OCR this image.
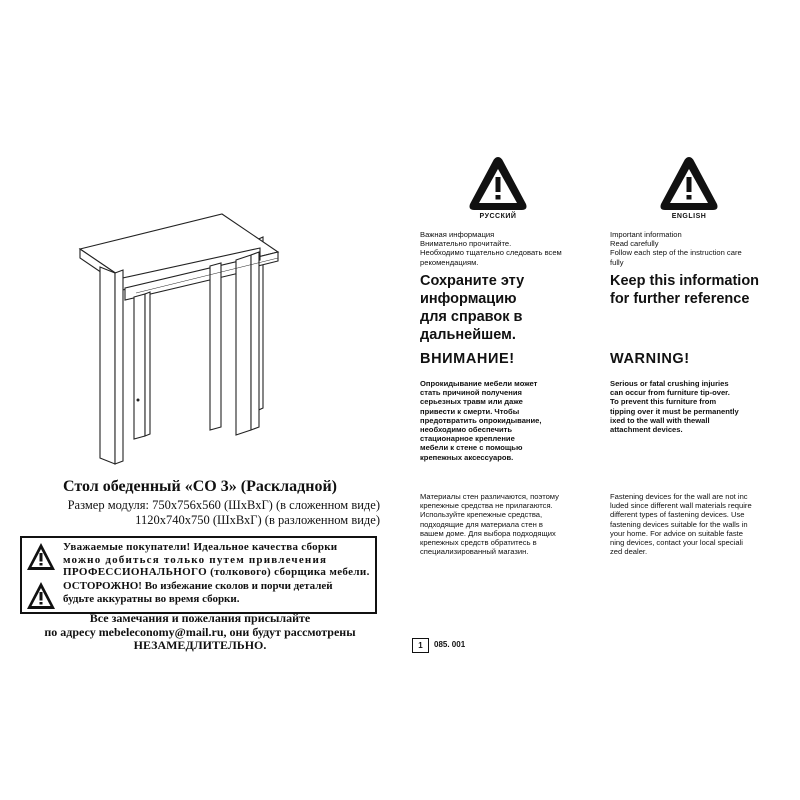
Стол обеденный «СО 3» (Раскладной)
Размер модуля: 750х756х560 (ШхВхГ) (в сложенном виде)
1120х740х750 (ШхВхГ) (в разложенном виде)
Уважаемые покупатели! Идеальное качества сборки
можно добиться только путем привлечения
ПРОФЕССИОНАЛЬНОГО (толкового) сборщика мебели.
ОСТОРОЖНО! Во избежание сколов и порчи деталей
будьте аккуратны во время сборки.
Все замечания и пожелания присылайте
по адресу mebeleconomy@mail.ru, они будут рассмотрены
НЕЗАМЕДЛИТЕЛЬНО.
РУССКИЙ	ENGLISH
Важная информация
Внимательно прочитайте.
Необходимо тщательно следовать всем
рекомендациям.
Сохраните эту
информацию
для справок в
дальнейшем.
ВНИМАНИЕ!
Опрокидывание мебели может
стать причиной получения
серьезных травм или даже
привести к смерти. Чтобы
предотвратить опрокидывание,
необходимо обеспечить
стационарное крепление
мебели к стене с помощью
крепежных аксессуаров.
Материалы стен различаются, поэтому
крепежные средства не прилагаются.
Используйте крепежные средства,
подходящие для материала стен в
вашем доме. Для выбора подходящих
крепежных средств обратитесь в
специализированный магазин.
Important information
Read carefully
Follow each step of the instruction care
fully
Keep this information
for further reference
WARNING!
Serious or fatal crushing injuries
can occur from furniture tip-over.
To prevent this furniture from
tipping over it must be permanently
ixed to the wall with thewall
attachment devices.
Fastening devices for the wall are not inc
luded since different wall materials require
different types of fastening devices. Use
fastening devices suitable for the walls in
your home. For advice on suitable faste
ning devices, contact your local speciali
zed dealer.
1	085. 001
